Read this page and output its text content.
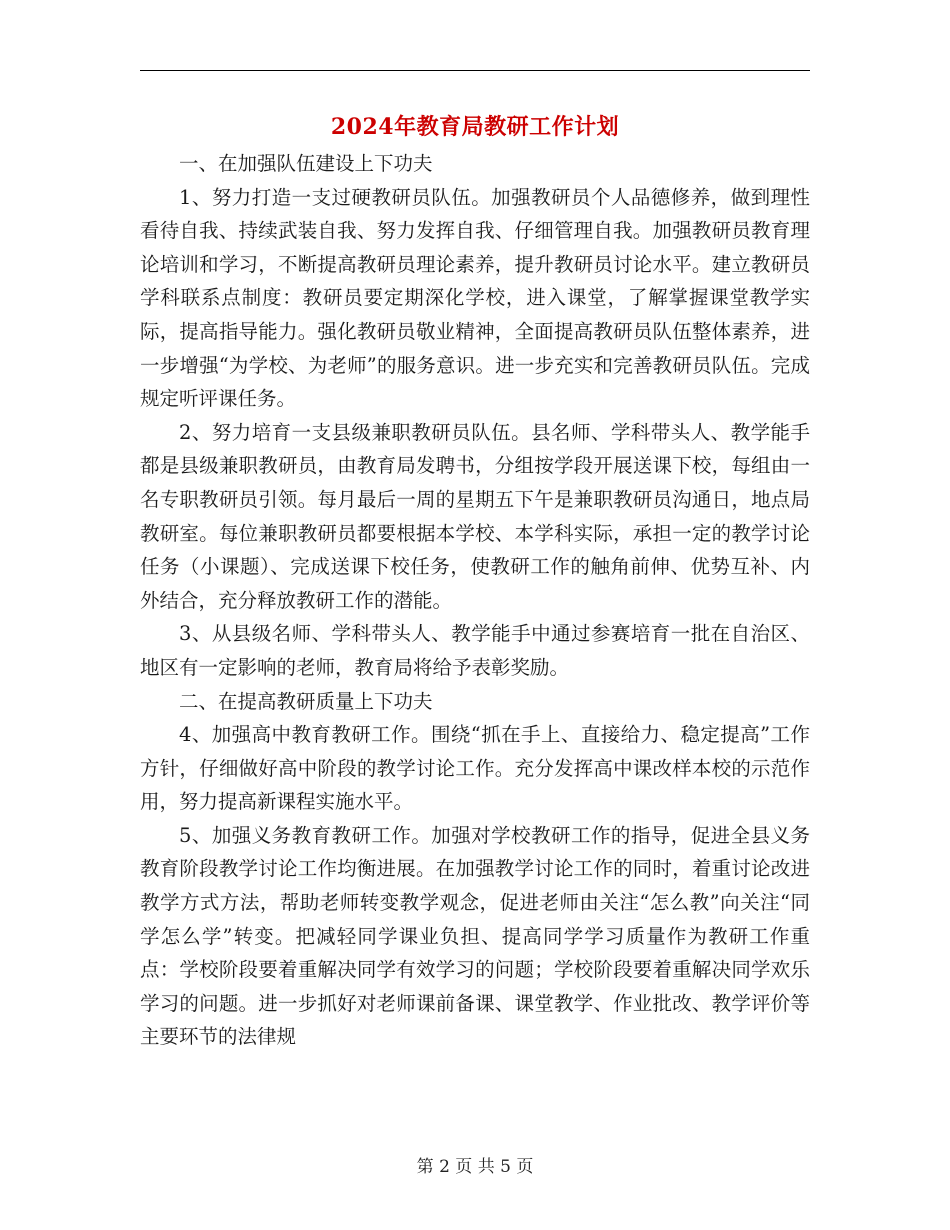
2024年教育局教研工作计划

一、在加强队伍建设上下功夫

1、努力打造一支过硬教研员队伍。加强教研员个人品德修养，做到理性看待自我、持续武装自我、努力发挥自我、仔细管理自我。加强教研员教育理论培训和学习，不断提高教研员理论素养，提升教研员讨论水平。建立教研员学科联系点制度：教研员要定期深化学校，进入课堂，了解掌握课堂教学实际，提高指导能力。强化教研员敬业精神，全面提高教研员队伍整体素养，进一步增强“为学校、为老师”的服务意识。进一步充实和完善教研员队伍。完成规定听评课任务。

2、努力培育一支县级兼职教研员队伍。县名师、学科带头人、教学能手都是县级兼职教研员，由教育局发聘书，分组按学段开展送课下校，每组由一名专职教研员引领。每月最后一周的星期五下午是兼职教研员沟通日，地点局教研室。每位兼职教研员都要根据本学校、本学科实际，承担一定的教学讨论任务（小课题）、完成送课下校任务，使教研工作的触角前伸、优势互补、内外结合，充分释放教研工作的潜能。

3、从县级名师、学科带头人、教学能手中通过参赛培育一批在自治区、地区有一定影响的老师，教育局将给予表彰奖励。

二、在提高教研质量上下功夫

4、加强高中教育教研工作。围绕“抓在手上、直接给力、稳定提高”工作方针，仔细做好高中阶段的教学讨论工作。充分发挥高中课改样本校的示范作用，努力提高新课程实施水平。

5、加强义务教育教研工作。加强对学校教研工作的指导，促进全县义务教育阶段教学讨论工作均衡进展。在加强教学讨论工作的同时，着重讨论改进教学方式方法，帮助老师转变教学观念，促进老师由关注“怎么教”向关注“同学怎么学”转变。把减轻同学课业负担、提高同学学习质量作为教研工作重点：学校阶段要着重解决同学有效学习的问题；学校阶段要着重解决同学欢乐学习的问题。进一步抓好对老师课前备课、课堂教学、作业批改、教学评价等主要环节的法律规

第 2 页 共 5 页
